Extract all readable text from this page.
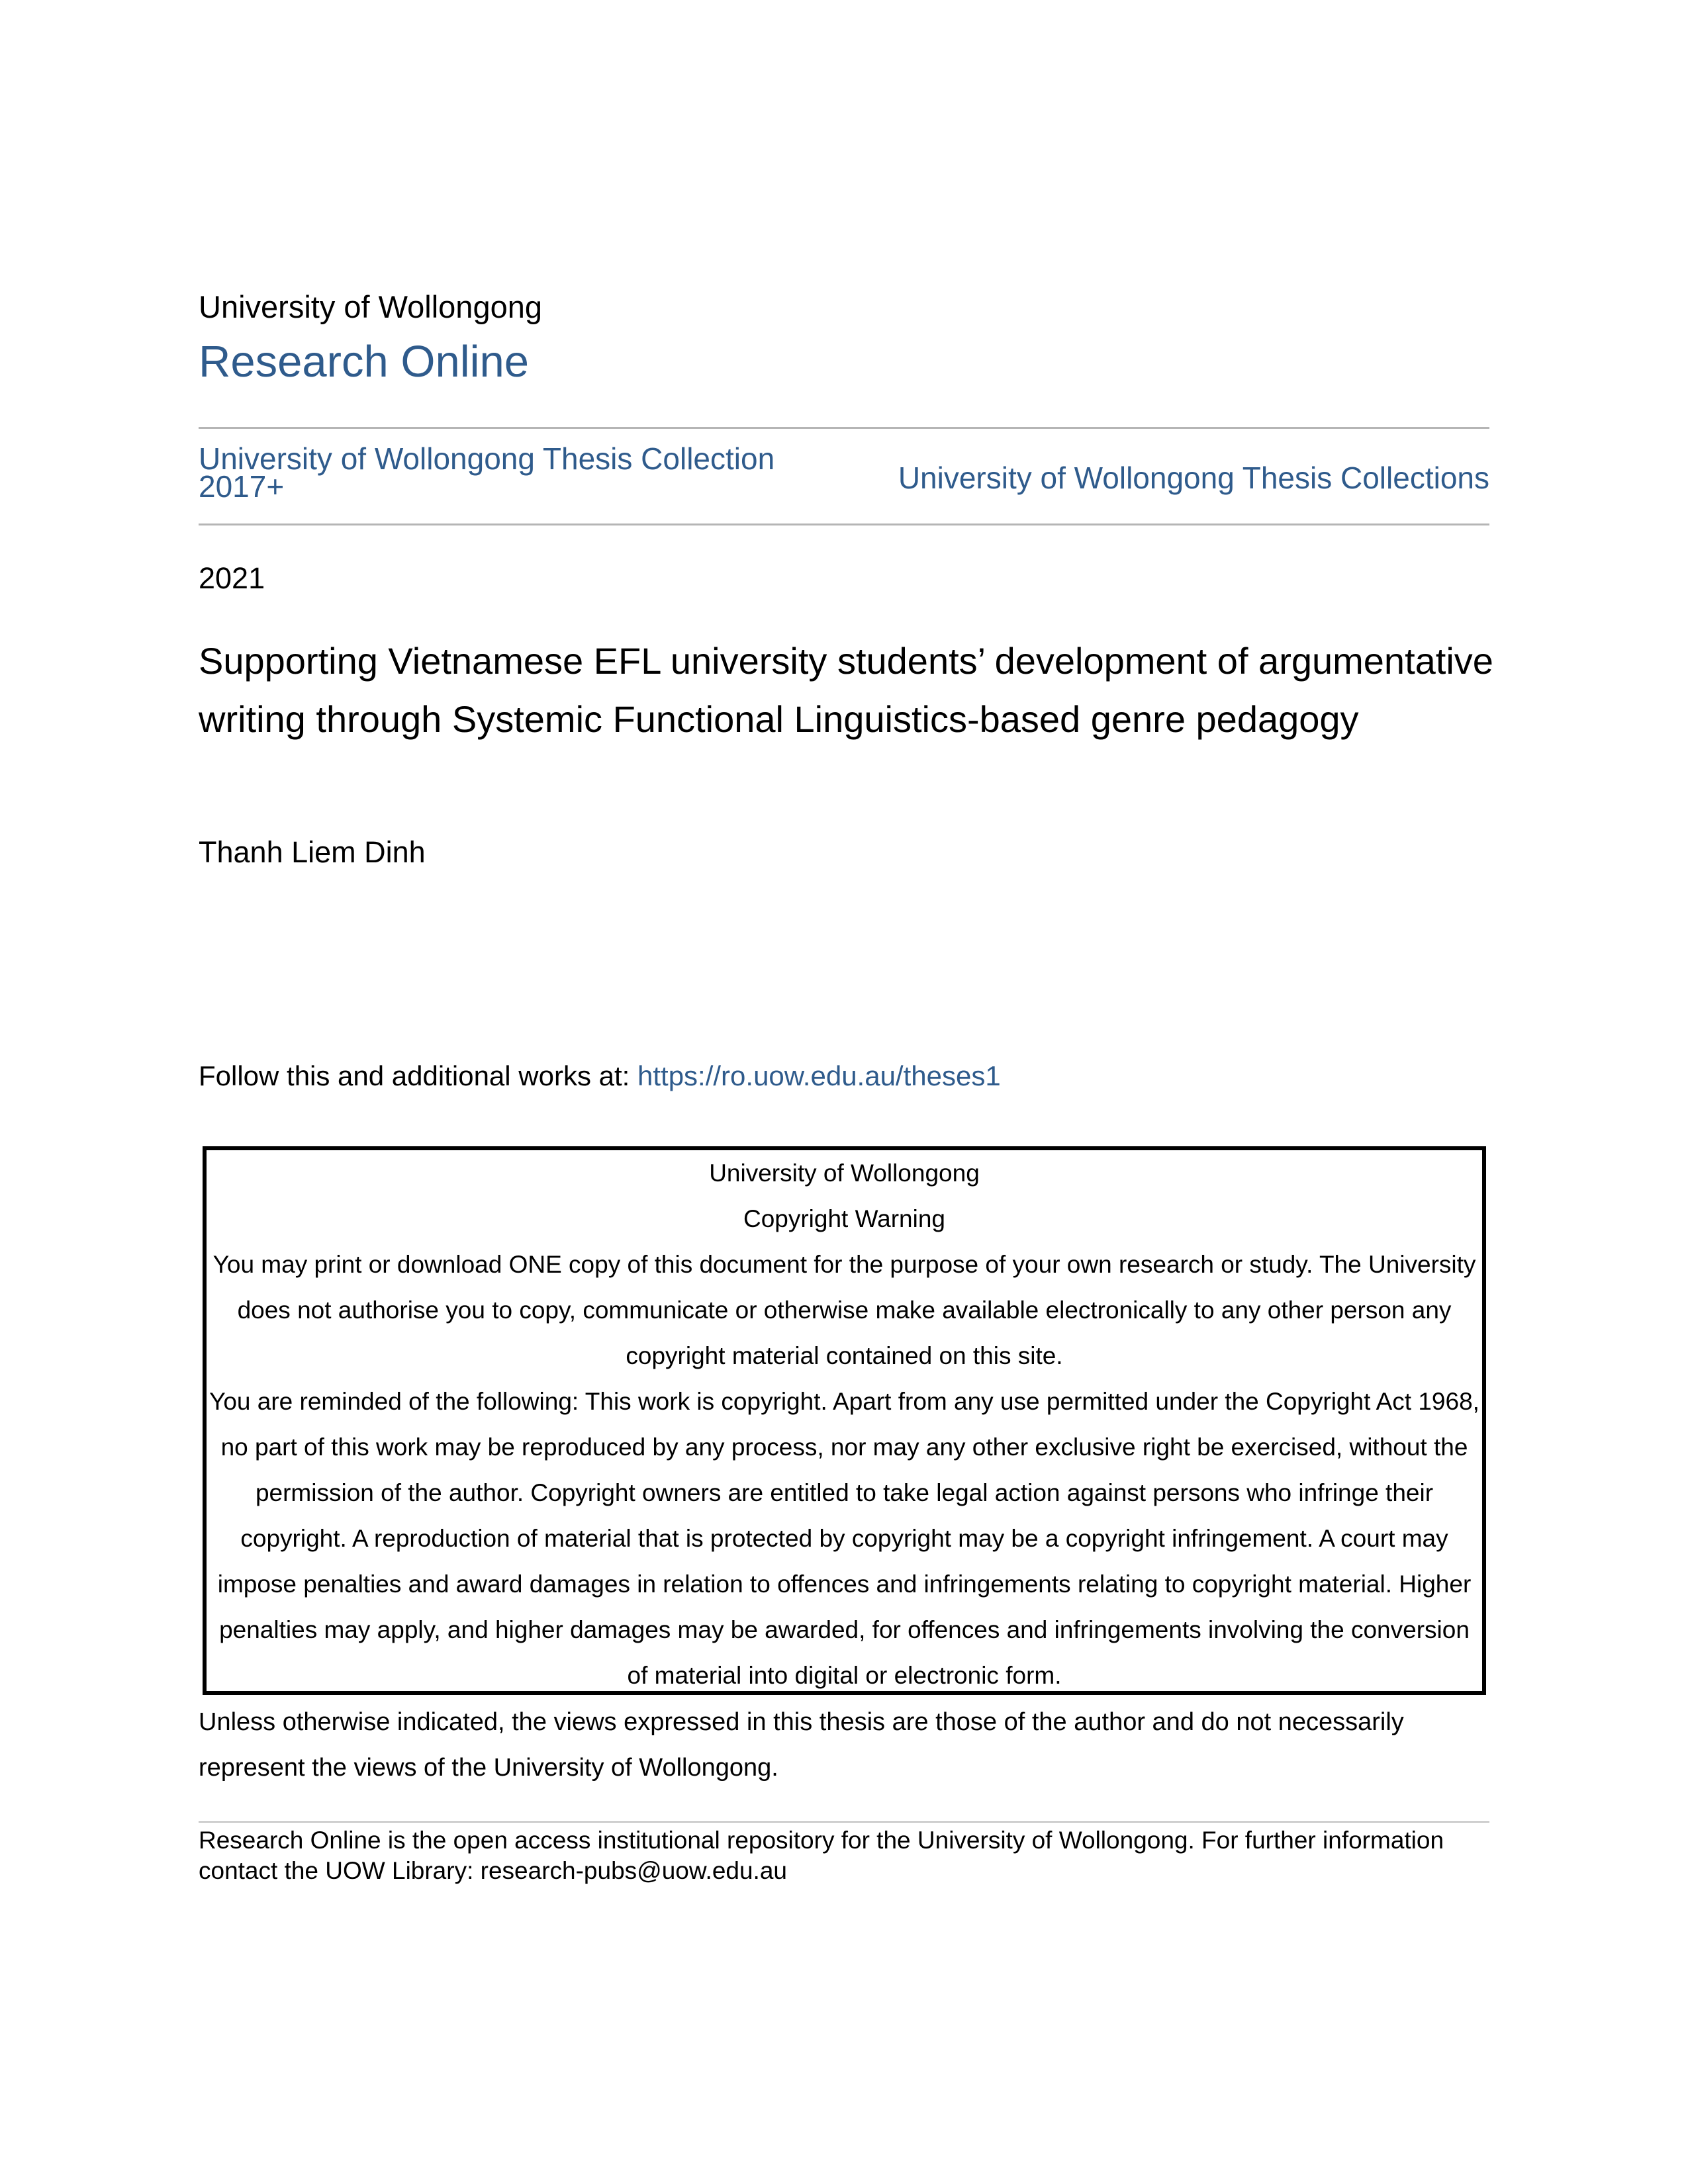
University of Wollongong
Research Online
University of Wollongong Thesis Collection 2017+	University of Wollongong Thesis Collections
2021
Supporting Vietnamese EFL university students’ development of argumentative writing through Systemic Functional Linguistics-based genre pedagogy
Thanh Liem Dinh
Follow this and additional works at: https://ro.uow.edu.au/theses1

University of Wollongong

Copyright Warning

You may print or download ONE copy of this document for the purpose of your own research or study. The University does not authorise you to copy, communicate or otherwise make available electronically to any other person any copyright material contained on this site.

You are reminded of the following: This work is copyright. Apart from any use permitted under the Copyright Act 1968, no part of this work may be reproduced by any process, nor may any other exclusive right be exercised, without the permission of the author. Copyright owners are entitled to take legal action against persons who infringe their copyright. A reproduction of material that is protected by copyright may be a copyright infringement. A court may impose penalties and award damages in relation to offences and infringements relating to copyright material. Higher penalties may apply, and higher damages may be awarded, for offences and infringements involving the conversion of material into digital or electronic form.

Unless otherwise indicated, the views expressed in this thesis are those of the author and do not necessarily represent the views of the University of Wollongong.
Research Online is the open access institutional repository for the University of Wollongong. For further information contact the UOW Library: research-pubs@uow.edu.au
